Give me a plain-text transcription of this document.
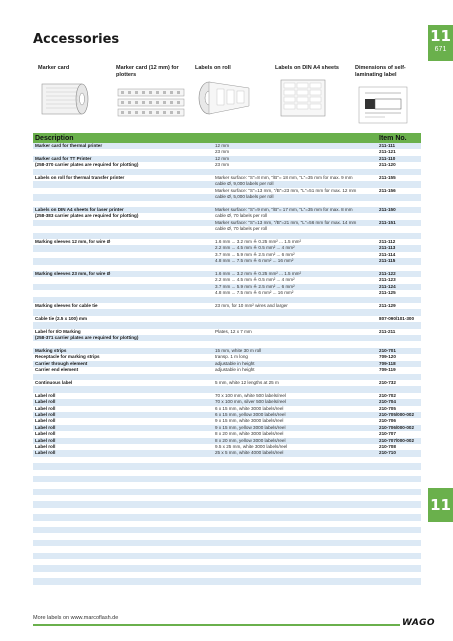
11
671
Accessories
Marker card	Marker card (12 mm) for plotters
Labels on roll	Labels on DIN A4 sheets	Dimensions of self-laminating label
Description		Item No.
Marker card for thermal printer	12 mm	211-111
	23 mm	211-121
Marker card for TT Printer	12 mm	211-110
(258-370 carrier plates are required for plotting)	23 mm	211-120

Labels on roll for thermal transfer printer	Marker surface: "S"=8 mm, "/B"= 18 mm, "L"=35 mm for max. 9 mm	211-155
	cable Ø, 9,000 labels per roll	
	Marker surface: "S"=13 mm, "/B"=23 mm, "L"=51 mm for max. 12 mm	211-156
	cable Ø, 5,000 labels per roll	

Labels on DIN A4 sheets for laser printer	Marker surface: "S"=9 mm, "/B"= 17 mm, "L"=35 mm for max. 8 mm	211-150
(258-383 carrier plates are required for plotting)	cable Ø, 70 labels per roll	
	Marker surface: "S"=13 mm, "/B"=21 mm, "L"=56 mm for max. 14 mm	211-151
	cable Ø, 70 labels per roll	

Marking sleeves 12 mm, for wire Ø	1.6 mm ... 3.2 mm ≙ 0.25 mm² ... 1.5 mm²	211-112
	2.2 mm ... 4.5 mm ≙ 0.5 mm² ... 4 mm²	211-113
	3.7 mm ... 5.9 mm ≙ 2.5 mm² ... 6 mm²	211-114
	4.8 mm ... 7.5 mm ≙ 6 mm² ... 16 mm²	211-115

Marking sleeves 23 mm, for wire Ø	1.6 mm ... 3.2 mm ≙ 0.25 mm² ... 1.5 mm²	211-122
	2.2 mm ... 4.5 mm ≙ 0.5 mm² ... 4 mm²	211-123
	3.7 mm ... 5.9 mm ≙ 2.5 mm² ... 6 mm²	211-124
	4.8 mm ... 7.5 mm ≙ 6 mm² ... 16 mm²	211-125

Marking sleeves for cable tie	23 mm, for 10 mm² wires and larger	211-129

Cable tie (2.5 x 100) mm		807-090/101-300

Label for I/O Marking	Plates, 12 x 7 mm	211-211
(258-371 carrier plates are required for plotting)		

Marking strips	15 mm, white 30 m roll	210-701
Receptacle for marking strips	transp. 1 m long	709-120
Carrier through element	adjustable in height	709-118
Carrier end element	adjustable in height	709-119

Continuous label	5 mm, white 12 lengths at 25 m	210-732

Label roll	70 x 100 mm, white 500 labels/reel	210-702
Label roll	70 x 100 mm, silver 500 labels/reel	210-704
Label roll	6 x 15 mm, white 3000 labels/reel	210-705
Label roll	6 x 15 mm, yellow 3000 labels/reel	210-705/000-002
Label roll	9 x 15 mm, white 3000 labels/reel	210-706
Label roll	9 x 15 mm, yellow 3000 labels/reel	210-706/000-002
Label roll	8 x 20 mm, white 3000 labels/reel	210-707
Label roll	8 x 20 mm, yellow 3000 labels/reel	210-707/000-002
Label roll	9.5 x 25 mm, white 3000 labels/reel	210-708
Label roll	25 x 5 mm, white 4000 labels/reel	210-710

More labels on www.marcoflash.de	WAGO
11
